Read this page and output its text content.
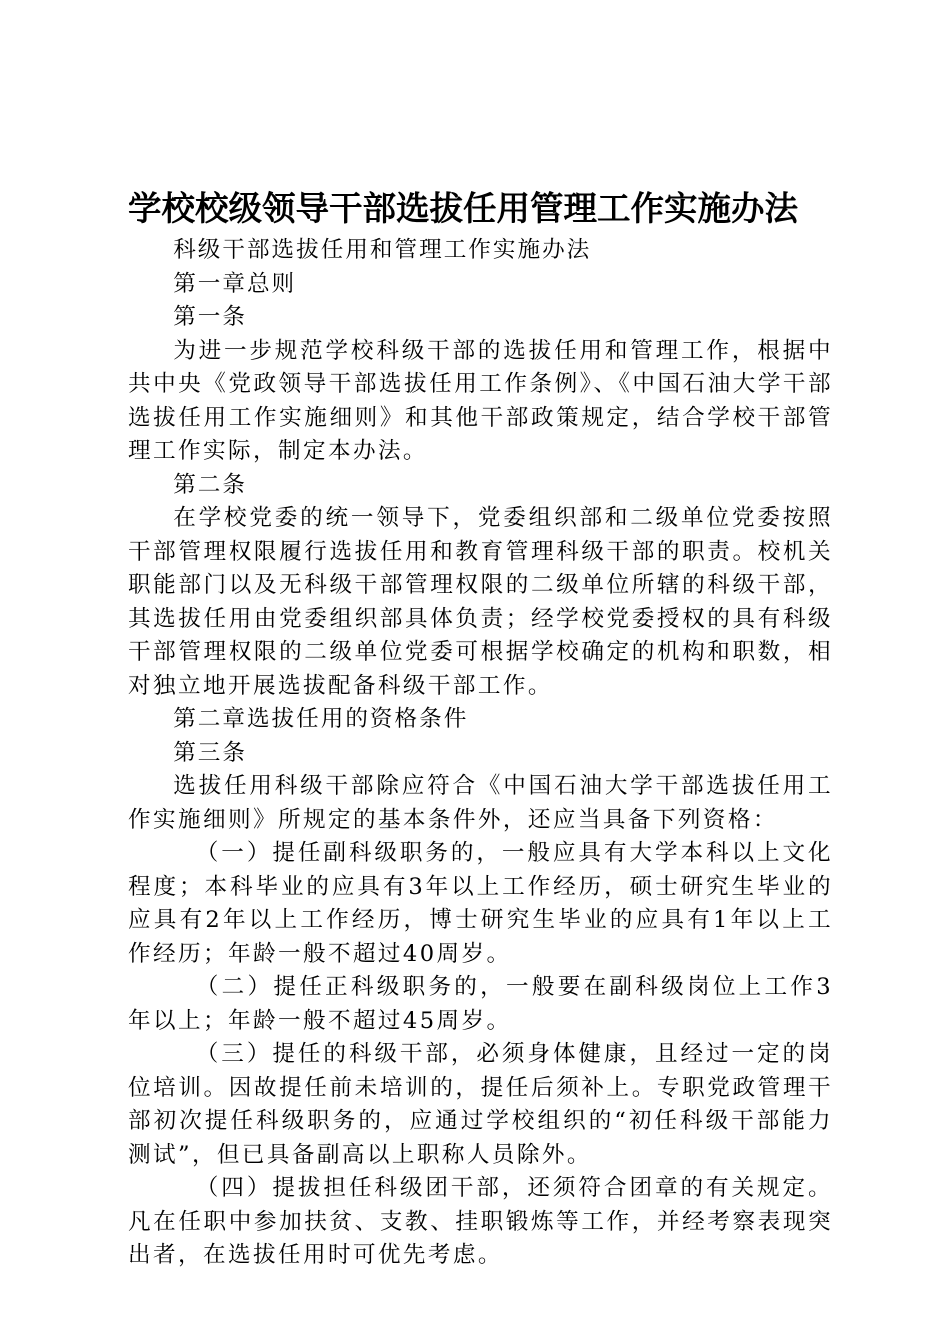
学校校级领导干部选拔任用管理工作实施办法

科级干部选拔任用和管理工作实施办法

第一章总则

第一条

为进一步规范学校科级干部的选拔任用和管理工作，根据中共中央《党政领导干部选拔任用工作条例》、《中国石油大学干部选拔任用工作实施细则》和其他干部政策规定，结合学校干部管理工作实际，制定本办法。

第二条

在学校党委的统一领导下，党委组织部和二级单位党委按照干部管理权限履行选拔任用和教育管理科级干部的职责。校机关职能部门以及无科级干部管理权限的二级单位所辖的科级干部，其选拔任用由党委组织部具体负责；经学校党委授权的具有科级干部管理权限的二级单位党委可根据学校确定的机构和职数，相对独立地开展选拔配备科级干部工作。

第二章选拔任用的资格条件

第三条

选拔任用科级干部除应符合《中国石油大学干部选拔任用工作实施细则》所规定的基本条件外，还应当具备下列资格：

（一）提任副科级职务的，一般应具有大学本科以上文化程度；本科毕业的应具有3年以上工作经历，硕士研究生毕业的应具有2年以上工作经历，博士研究生毕业的应具有1年以上工作经历；年龄一般不超过40周岁。

（二）提任正科级职务的，一般要在副科级岗位上工作3年以上；年龄一般不超过45周岁。

（三）提任的科级干部，必须身体健康，且经过一定的岗位培训。因故提任前未培训的，提任后须补上。专职党政管理干部初次提任科级职务的，应通过学校组织的“初任科级干部能力测试”，但已具备副高以上职称人员除外。

（四）提拔担任科级团干部，还须符合团章的有关规定。凡在任职中参加扶贫、支教、挂职锻炼等工作，并经考察表现突出者，在选拔任用时可优先考虑。
